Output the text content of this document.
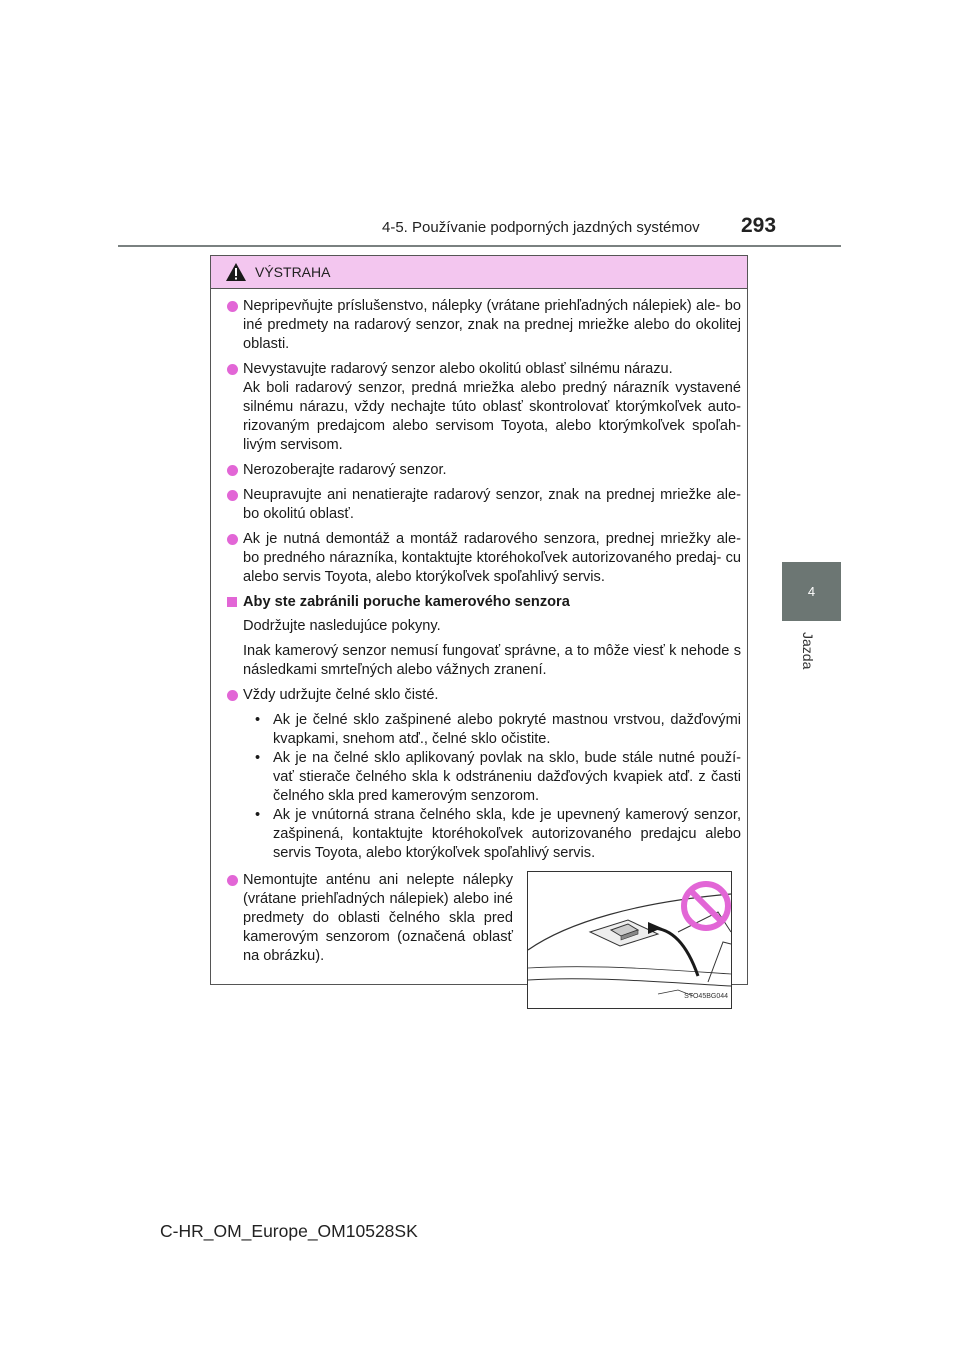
4-5. Používanie podporných jazdných systémov 293
4
Jazda
VÝSTRAHA
Nepripevňujte príslušenstvo, nálepky (vrátane priehľadných nálepiek) ale- bo iné predmety na radarový senzor, znak na prednej mriežke alebo do okolitej oblasti.
Nevystavujte radarový senzor alebo okolitú oblasť silnému nárazu.
Ak boli radarový senzor, predná mriežka alebo predný nárazník vystavené silnému nárazu, vždy nechajte túto oblasť skontrolovať ktorýmkoľvek auto- rizovaným predajcom alebo servisom Toyota, alebo ktorýmkoľvek spoľah- livým servisom.
Nerozoberajte radarový senzor.
Neupravujte ani nenatierajte radarový senzor, znak na prednej mriežke ale- bo okolitú oblasť.
Ak je nutná demontáž a montáž radarového senzora, prednej mriežky ale- bo predného nárazníka, kontaktujte ktoréhokoľvek autorizovaného predaj- cu alebo servis Toyota, alebo ktorýkoľvek spoľahlivý servis.
Aby ste zabránili poruche kamerového senzora
Dodržujte nasledujúce pokyny.
Inak kamerový senzor nemusí fungovať správne, a to môže viesť k nehode s následkami smrteľných alebo vážnych zranení.
Vždy udržujte čelné sklo čisté.
• Ak je čelné sklo zašpinené alebo pokryté mastnou vrstvou, dažďovými kvapkami, snehom atď., čelné sklo očistite.
• Ak je na čelné sklo aplikovaný povlak na sklo, bude stále nutné použí- vať stierače čelného skla k odstráneniu dažďových kvapiek atď. z časti čelného skla pred kamerovým senzorom.
• Ak je vnútorná strana čelného skla, kde je upevnený kamerový senzor, zašpinená, kontaktujte ktoréhokoľvek autorizovaného predajcu alebo servis Toyota, alebo ktorýkoľvek spoľahlivý servis.
Nemontujte anténu ani nelepte nálepky (vrátane priehľadných nálepiek) alebo iné predmety do oblasti čelného skla pred kamerovým senzorom (označená oblasť na obrázku).
STO45BG044
C-HR_OM_Europe_OM10528SK
